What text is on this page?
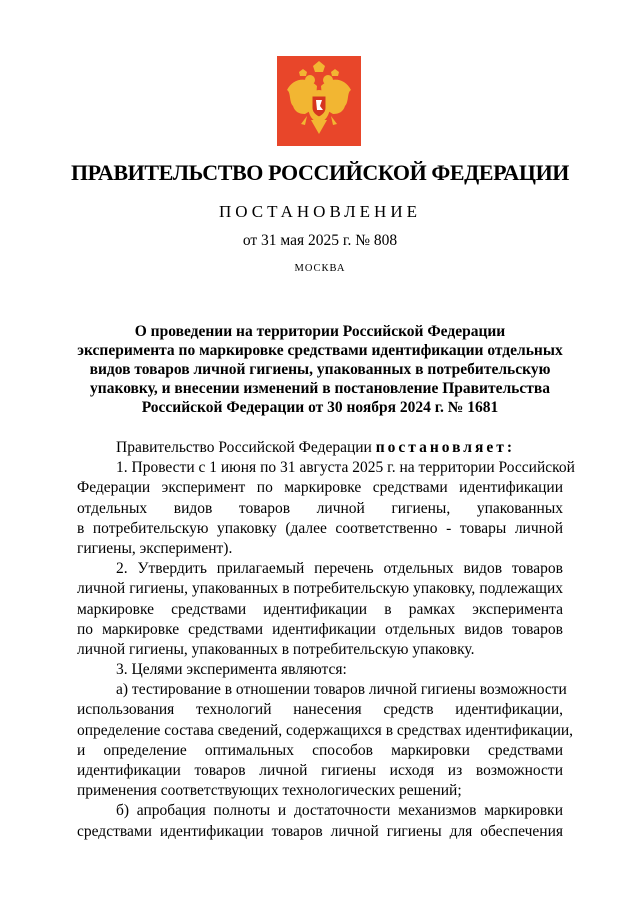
ПРАВИТЕЛЬСТВО РОССИЙСКОЙ ФЕДЕРАЦИИ
ПОСТАНОВЛЕНИЕ
от 31 мая 2025 г. № 808
МОСКВА
О проведении на территории Российской Федерации
эксперимента по маркировке средствами идентификации отдельных
видов товаров личной гигиены, упакованных в потребительскую
упаковку, и внесении изменений в постановление Правительства
Российской Федерации от 30 ноября 2024 г. № 1681
Правительство Российской Федерации постановляет:
1. Провести с 1 июня по 31 августа 2025 г. на территории Российской
Федерации эксперимент по маркировке средствами идентификации
отдельных видов товаров личной гигиены, упакованных
в потребительскую упаковку (далее соответственно - товары личной
гигиены, эксперимент).
2. Утвердить прилагаемый перечень отдельных видов товаров
личной гигиены, упакованных в потребительскую упаковку, подлежащих
маркировке средствами идентификации в рамках эксперимента
по маркировке средствами идентификации отдельных видов товаров
личной гигиены, упакованных в потребительскую упаковку.
3. Целями эксперимента являются:
а) тестирование в отношении товаров личной гигиены возможности
использования технологий нанесения средств идентификации,
определение состава сведений, содержащихся в средствах идентификации,
и определение оптимальных способов маркировки средствами
идентификации товаров личной гигиены исходя из возможности
применения соответствующих технологических решений;
б) апробация полноты и достаточности механизмов маркировки
средствами идентификации товаров личной гигиены для обеспечения
